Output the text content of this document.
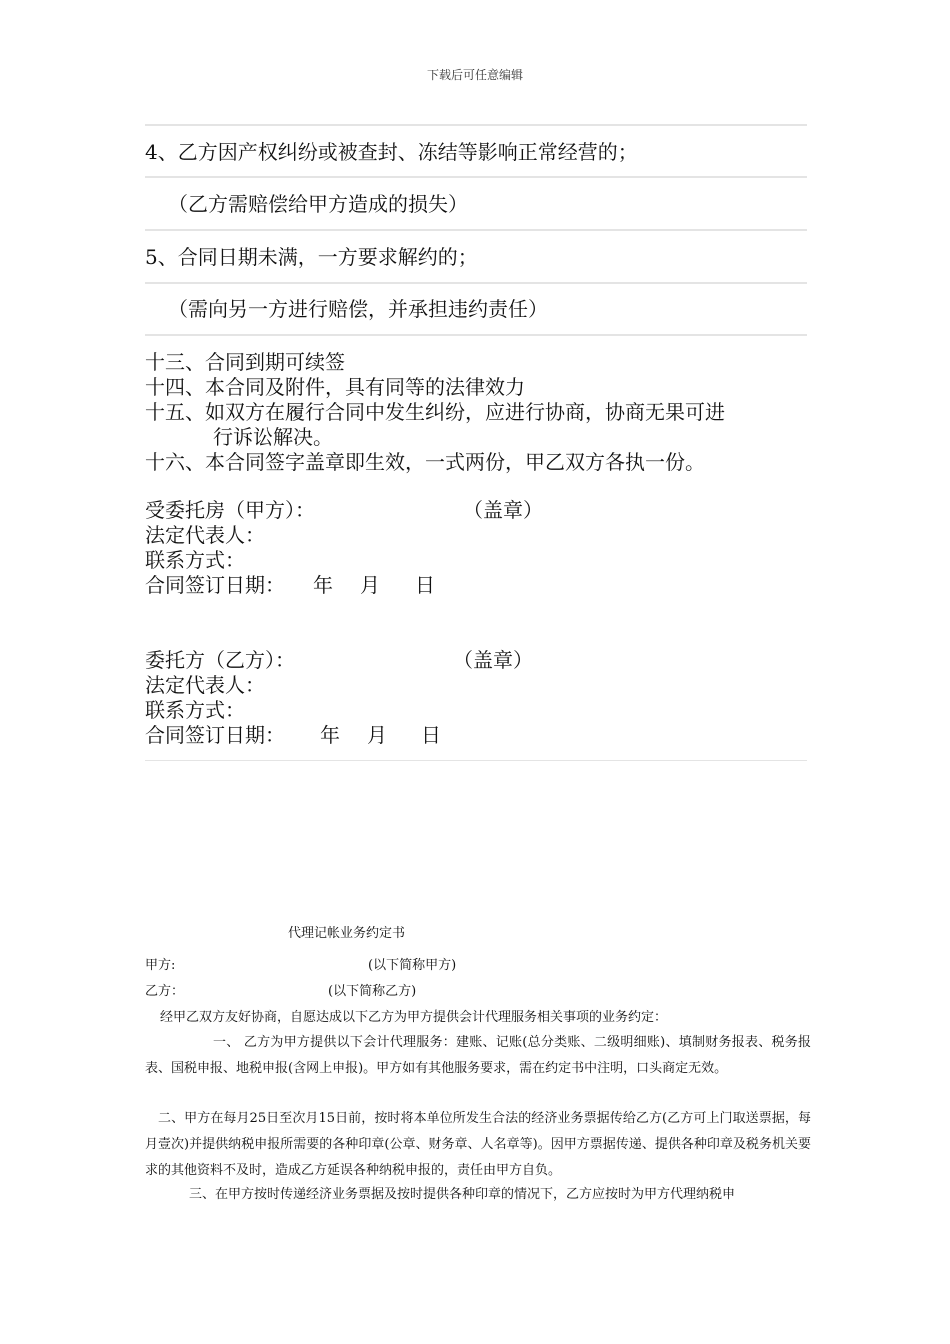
下载后可任意编辑
4、乙方因产权纠纷或被查封、冻结等影响正常经营的；
（乙方需赔偿给甲方造成的损失）
5、合同日期未满，一方要求解约的；
（需向另一方进行赔偿，并承担违约责任）
十三、合同到期可续签
十四、本合同及附件，具有同等的法律效力
十五、如双方在履行合同中发生纠纷，应进行协商，协商无果可进
行诉讼解决。
十六、本合同签字盖章即生效，一式两份，甲乙双方各执一份。
受委托房（甲方）：	（盖章）
法定代表人：
联系方式：
合同签订日期： 年 月 日
委托方（乙方）：	（盖章）
法定代表人：
联系方式：
合同签订日期： 年 月 日
代理记帐业务约定书
甲方:	(以下简称甲方)
乙方：	(以下简称乙方)
经甲乙双方友好协商，自愿达成以下乙方为甲方提供会计代理服务相关事项的业务约定：
一、 乙方为甲方提供以下会计代理服务：建账、记账(总分类账、二级明细账)、填制财务报表、税务报表、国税申报、地税申报(含网上申报)。甲方如有其他服务要求，需在约定书中注明，口头商定无效。
二、甲方在每月25日至次月15日前，按时将本单位所发生合法的经济业务票据传给乙方(乙方可上门取送票据，每月壹次)并提供纳税申报所需要的各种印章(公章、财务章、人名章等)。因甲方票据传递、提供各种印章及税务机关要求的其他资料不及时，造成乙方延误各种纳税申报的，责任由甲方自负。
三、在甲方按时传递经济业务票据及按时提供各种印章的情况下，乙方应按时为甲方代理纳税申
